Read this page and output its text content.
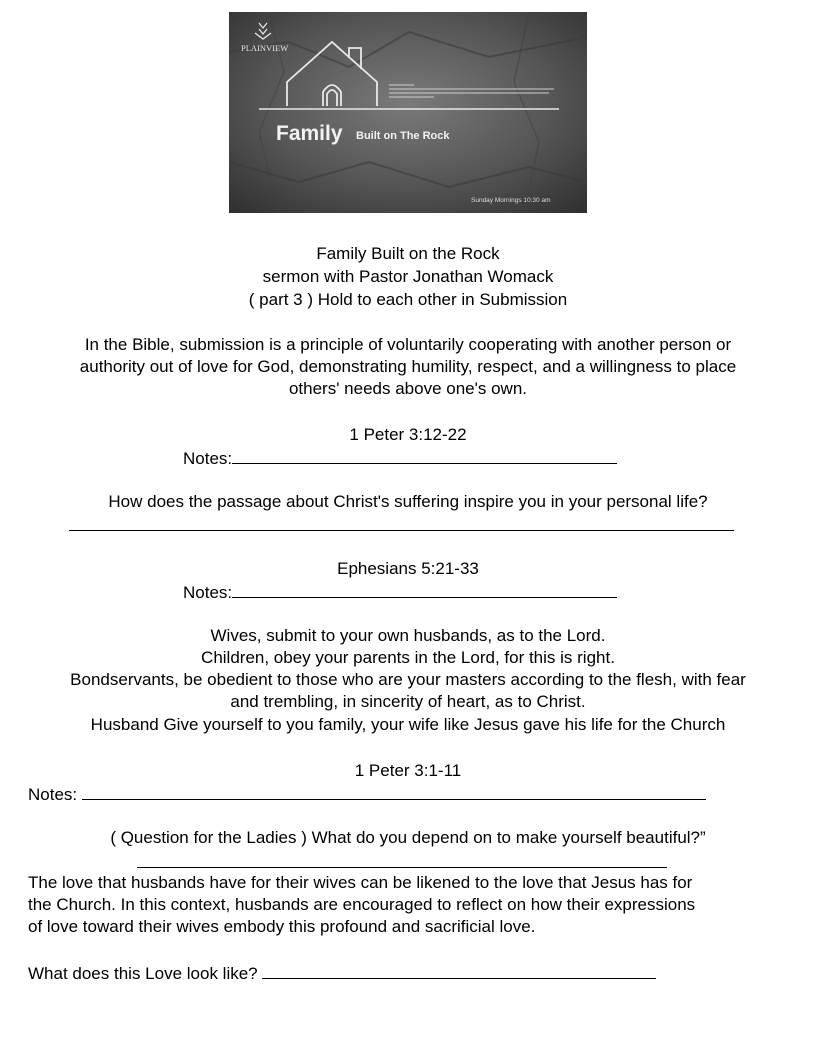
PLAINVIEW
Family Built on The Rock
Sunday Mornings 10:30 am
Family Built on the Rock
sermon with Pastor Jonathan Womack
( part 3 ) Hold to each other in Submission
In the Bible, submission is a principle of voluntarily cooperating with another person or
authority out of love for God, demonstrating humility, respect, and a willingness to place
others' needs above one's own.
1 Peter 3:12-22
Notes:
How does the passage about Christ's suffering inspire you in your personal life?
Ephesians 5:21-33
Notes:
Wives, submit to your own husbands, as to the Lord.
Children, obey your parents in the Lord, for this is right.
Bondservants, be obedient to those who are your masters according to the flesh, with fear
and trembling, in sincerity of heart, as to Christ.
Husband Give yourself to you family, your wife like Jesus gave his life for the Church
1 Peter 3:1-11
Notes:
( Question for the Ladies ) What do you depend on to make yourself beautiful?”
The love that husbands have for their wives can be likened to the love that Jesus has for
the Church. In this context, husbands are encouraged to reflect on how their expressions
of love toward their wives embody this profound and sacrificial love.
What does this Love look like?
